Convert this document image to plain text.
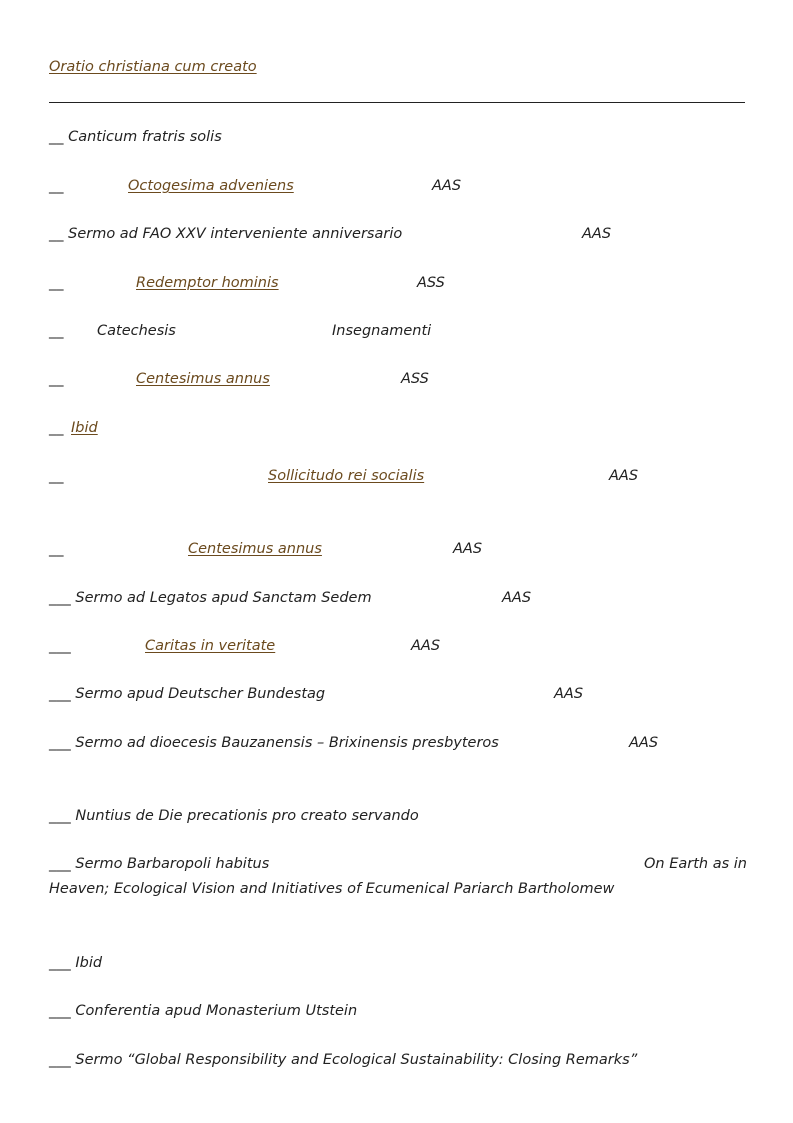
Oratio christiana cum creato
__ Canticum fratris solis
__	Octogesima adveniens	AAS
__ Sermo ad FAO XXV interveniente anniversario	AAS
__	Redemptor hominis	ASS
__ Catechesis	Insegnamenti
__	Centesimus annus	ASS
__ Ibid
__	Sollicitudo rei socialis	AAS
__	Centesimus annus	AAS
___ Sermo ad Legatos apud Sanctam Sedem	AAS
___	Caritas in veritate	AAS
___ Sermo apud Deutscher Bundestag	AAS
___ Sermo ad dioecesis Bauzanensis – Brixinensis presbyteros	AAS
___ Nuntius de Die precationis pro creato servando
___ Sermo Barbaropoli habitus	On Earth as in
Heaven; Ecological Vision and Initiatives of Ecumenical Pariarch Bartholomew
___ Ibid
___ Conferentia apud Monasterium Utstein
___ Sermo “Global Responsibility and Ecological Sustainability: Closing Remarks”
